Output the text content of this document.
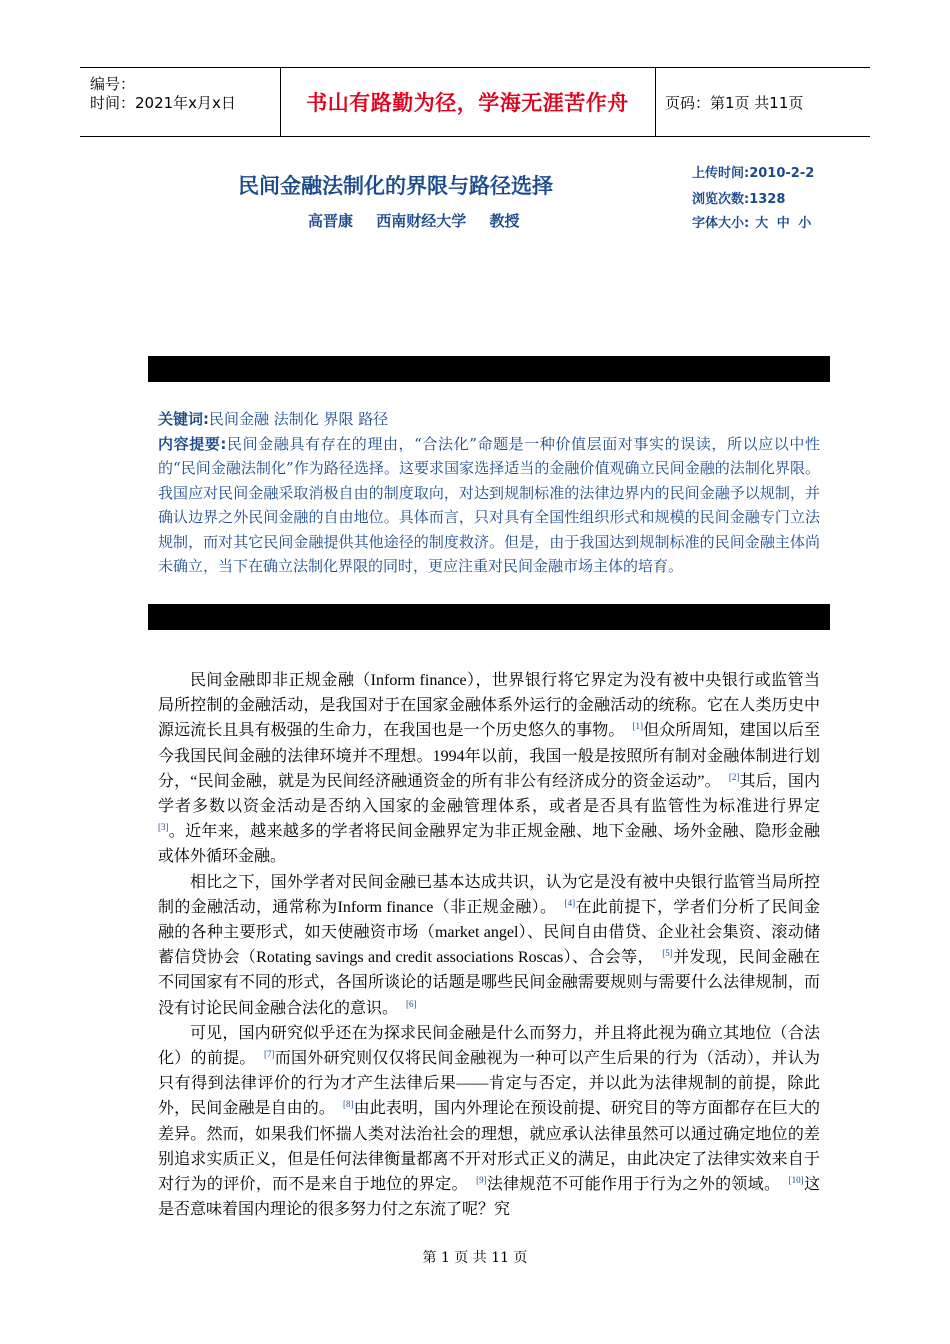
编号：
时间：2021年x月x日	书山有路勤为径，学海无涯苦作舟	页码：第1页 共11页
民间金融法制化的界限与路径选择
高晋康 西南财经大学 教授
上传时间:2010-2-2
浏览次数:1328
字体大小: 大 中 小
关键词:民间金融 法制化 界限 路径
内容提要:民间金融具有存在的理由，“合法化”命题是一种价值层面对事实的误读，所以应以中性的“民间金融法制化”作为路径选择。这要求国家选择适当的金融价值观确立民间金融的法制化界限。我国应对民间金融采取消极自由的制度取向，对达到规制标准的法律边界内的民间金融予以规制，并确认边界之外民间金融的自由地位。具体而言，只对具有全国性组织形式和规模的民间金融专门立法规制，而对其它民间金融提供其他途径的制度救济。但是，由于我国达到规制标准的民间金融主体尚未确立，当下在确立法制化界限的同时，更应注重对民间金融市场主体的培育。

民间金融即非正规金融（Inform finance），世界银行将它界定为没有被中央银行或监管当局所控制的金融活动，是我国对于在国家金融体系外运行的金融活动的统称。它在人类历史中源远流长且具有极强的生命力，在我国也是一个历史悠久的事物。　 [1]但众所周知，建国以后至今我国民间金融的法律环境并不理想。1994年以前，我国一般是按照所有制对金融体制进行划分，“民间金融，就是为民间经济融通资金的所有非公有经济成分的资金运动”。　 [2]其后，国内学者多数以资金活动是否纳入国家的金融管理体系，或者是否具有监管性为标准进行界定　[3]。近年来，越来越多的学者将民间金融界定为非正规金融、地下金融、场外金融、隐形金融或体外循环金融。

相比之下，国外学者对民间金融已基本达成共识，认为它是没有被中央银行监管当局所控制的金融活动，通常称为Inform finance（非正规金融）。　 [4]在此前提下，学者们分析了民间金融的各种主要形式，如天使融资市场（market angel）、民间自由借贷、企业社会集资、滚动储蓄信贷协会（Rotating savings and credit associations Roscas）、合会等，　 [5]并发现，民间金融在不同国家有不同的形式，各国所谈论的话题是哪些民间金融需要规则与需要什么法律规制，而没有讨论民间金融合法化的意识。　 [6]

可见，国内研究似乎还在为探求民间金融是什么而努力，并且将此视为确立其地位（合法化）的前提。　 [7]而国外研究则仅仅将民间金融视为一种可以产生后果的行为（活动），并认为只有得到法律评价的行为才产生法律后果——肯定与否定，并以此为法律规制的前提，除此外，民间金融是自由的。　 [8]由此表明，国内外理论在预设前提、研究目的等方面都存在巨大的差异。然而，如果我们怀揣人类对法治社会的理想，就应承认法律虽然可以通过确定地位的差别追求实质正义，但是任何法律衡量都离不开对形式正义的满足，由此决定了法律实效来自于对行为的评价，而不是来自于地位的界定。　 [9]法律规范不可能作用于行为之外的领域。　 [10]这是否意味着国内理论的很多努力付之东流了呢？究

第 1 页 共 11 页
